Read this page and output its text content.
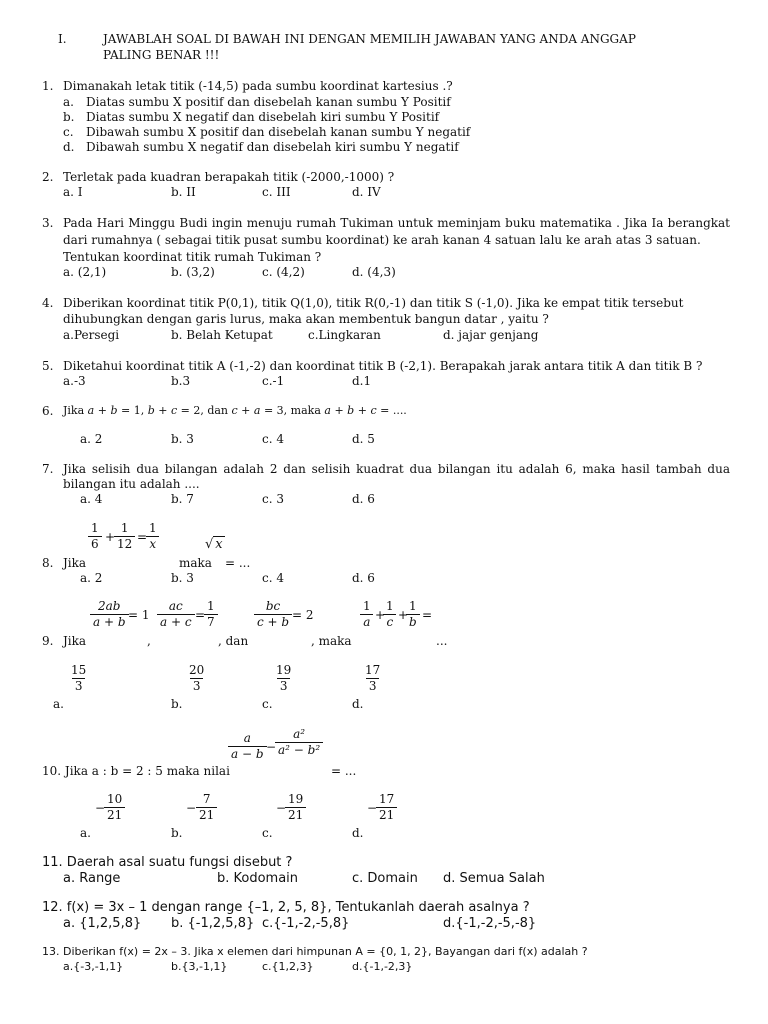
I.	JAWABLAH SOAL DI BAWAH INI DENGAN MEMILIH JAWABAN YANG ANDA ANGGAP
PALING BENAR !!!
1. Dimanakah letak titik (-14,5) pada sumbu koordinat kartesius .?
a. Diatas sumbu X positif dan disebelah kanan sumbu Y Positif
b. Diatas sumbu X negatif dan disebelah kiri sumbu Y Positif
c. Dibawah sumbu X positif dan disebelah kanan sumbu Y negatif
d. Dibawah sumbu X negatif dan disebelah kiri sumbu Y negatif
2. Terletak pada kuadran berapakah titik (-2000,-1000) ?
a. I	b. II	c. III	d. IV
3. Pada Hari Minggu Budi ingin menuju rumah Tukiman untuk meminjam buku matematika . Jika Ia berangkat
dari rumahnya ( sebagai titik pusat sumbu koordinat) ke arah kanan 4 satuan lalu ke arah atas 3 satuan.
Tentukan koordinat titik rumah Tukiman ?
a. (2,1)	b. (3,2)	c. (4,2)	d. (4,3)
4. Diberikan koordinat titik P(0,1), titik Q(1,0), titik R(0,-1) dan titik S (-1,0). Jika ke empat titik tersebut
dihubungkan dengan garis lurus, maka akan membentuk bangun datar , yaitu ?
a.Persegi	b. Belah Ketupat	c.Lingkaran	d. jajar genjang
5. Diketahui koordinat titik A (-1,-2) dan koordinat titik B (-2,1). Berapakah jarak antara titik A dan titik B ?
a.-3	b.3	c.-1	d.1
6. Jika a + b = 1, b + c = 2, dan c + a = 3, maka a + b + c = ....
a. 2	b. 3	c. 4	d. 5
7. Jika selisih dua bilangan adalah 2 dan selisih kuadrat dua bilangan itu adalah 6, maka hasil tambah dua
bilangan itu adalah ....
a. 4	b. 7	c. 3	d. 6
$\frac{1}{6}$ +
$\frac{1}{12}$ =
$\frac{1}{x}$	√ x
8. Jika	maka = ...
a. 2	b. 3	c. 4	d. 6
$\frac{2ab}{a + b} = 1 \frac{ac}{a + c}$ =
$\frac{1}{7}$	$\frac{bc}{c + b} = 2$	$\frac{1}{a}$ +
$\frac{1}{c}$ +
$\frac{1}{b}$ =
9. Jika	,	, dan	, maka	...
$\frac{15}{3}$
a.
$\frac{20}{3}$
b.
$\frac{19}{3}$
c.
$\frac{17}{3}$
d.
$\frac{a}{a - b}$ −
$\frac{\text{a²}}{\text{a² − b²}}$
10. Jika a : b = 2 : 5 maka nilai	= ...
−
$\frac{10}{21}$
a.
− $\frac{7}{21}$
b.
−
$\frac{19}{21}$
c.
−
$\frac{17}{21}$
d.
11. Daerah asal suatu fungsi disebut ?
a. Range	b. Kodomain	c. Domain d. Semua Salah
12. f(x) = 3x – 1 dengan range {–1, 2, 5, 8}, Tentukanlah daerah asalnya ?
a. {1,2,5,8} b. {-1,2,5,8} c.{-1,-2,-5,8}	d.{-1,-2,-5,-8}
13. Diberikan f(x) = 2x – 3. Jika x elemen dari himpunan A = {0, 1, 2}, Bayangan dari f(x) adalah ?
a.{-3,-1,1}	b.{3,-1,1}	c.{1,2,3}	d.{-1,-2,3}
